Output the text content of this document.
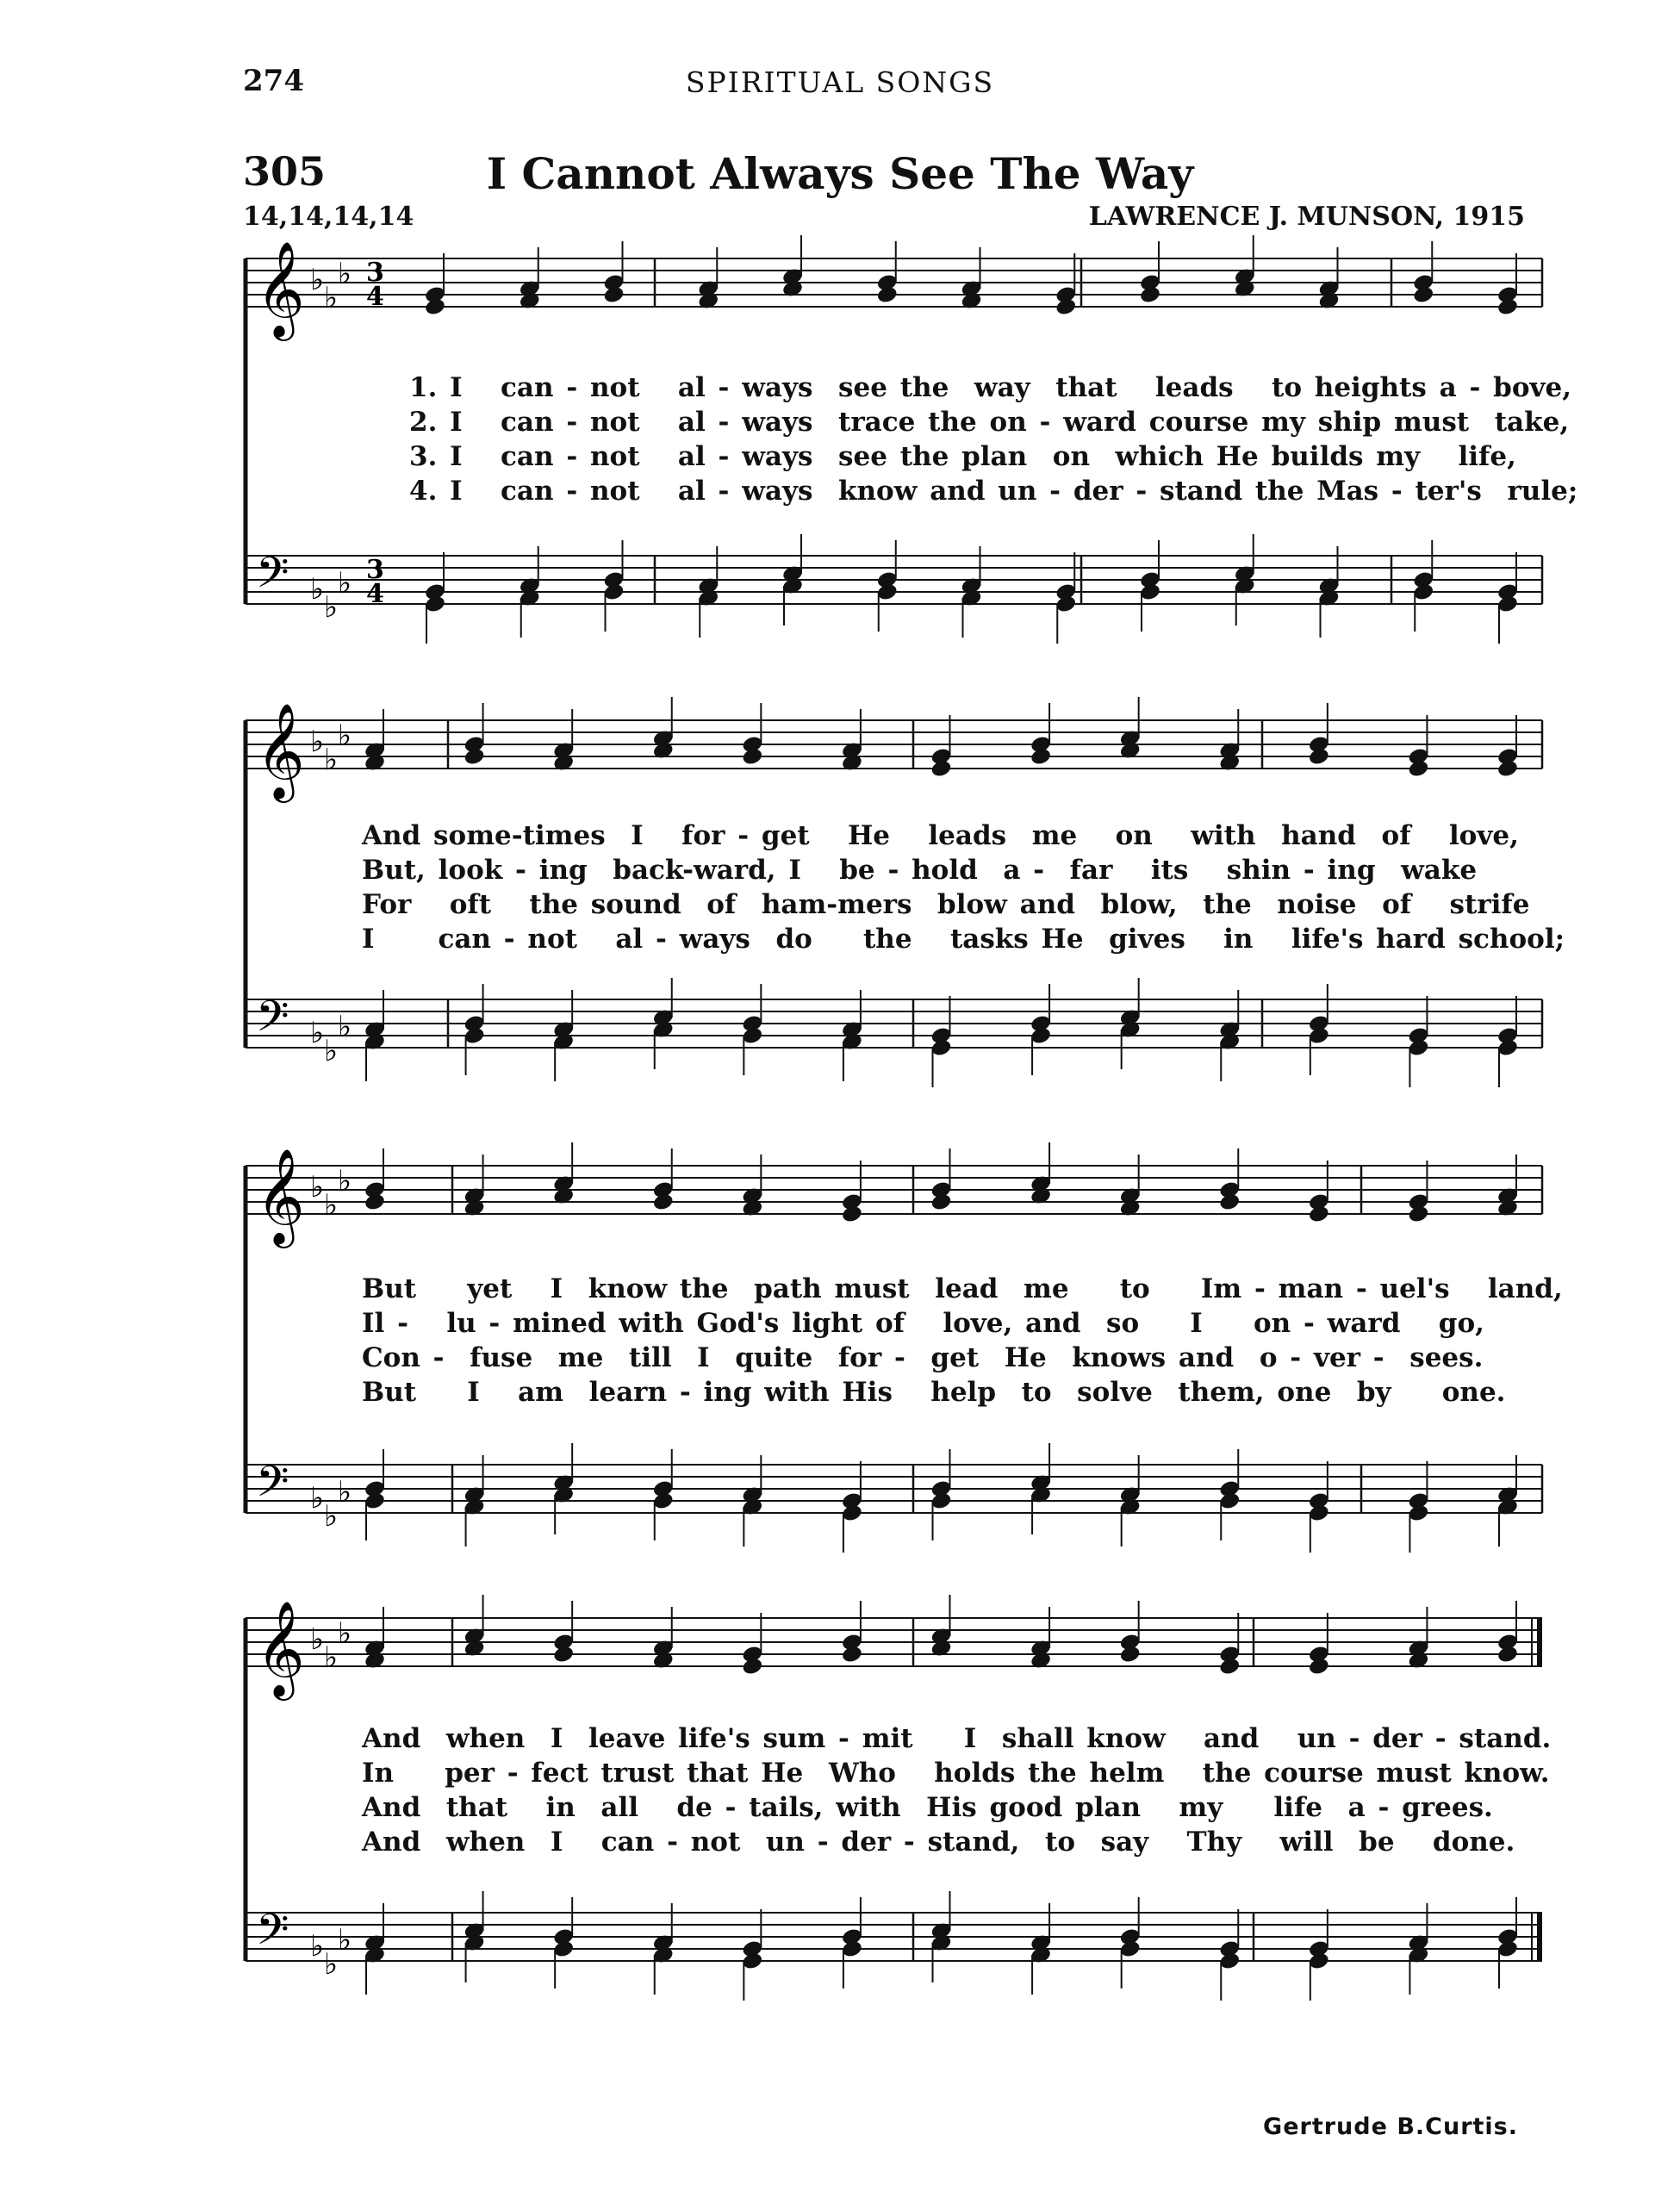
274	SPIRITUAL SONGS
305	I Cannot Always See The Way
14,14,14,14	LAWRENCE J. MUNSON, 1915
𝄞 ♭
♭
♭ 3
4
𝄢 ♭
♭
♭ 3
4
𝄞 ♭
♭
♭
𝄢 ♭
♭
♭
𝄞 ♭
♭
♭
𝄢 ♭
♭
♭
𝄞 ♭
♭
♭
𝄢 ♭
♭
♭
1. I   can - not   al - ways  see the  way  that   leads   to heights a - bove,
2. I   can - not   al - ways  trace the on - ward course my ship must  take,
3. I   can - not   al - ways  see the plan  on  which He builds my   life,
4. I   can - not   al - ways  know and un - der - stand the Mas - ter's  rule;
And some-times  I   for - get   He   leads  me   on   with  hand  of   love,
But, look - ing  back-ward, I   be - hold  a -  far   its   shin - ing  wake
For   oft   the sound  of  ham-mers  blow and  blow,  the  noise  of   strife
I     can - not   al - ways  do    the   tasks He  gives   in   life's hard school;
But    yet   I  know the  path must  lead  me    to    Im - man - uel's   land,
Il -   lu - mined with God's light of   love, and  so    I    on - ward   go,
Con -  fuse  me  till  I  quite  for -  get  He  knows and  o - ver -  sees.
But    I   am  learn - ing with His   help  to  solve  them, one  by    one.
And  when  I  leave life's sum - mit    I  shall know   and   un - der - stand.
In    per - fect trust that He  Who   holds the helm   the course must know.
And  that   in  all   de - tails, with  His good plan   my    life  a - grees.
And  when  I   can - not  un - der - stand,  to  say   Thy   will  be   done.
Gertrude B.Curtis.
